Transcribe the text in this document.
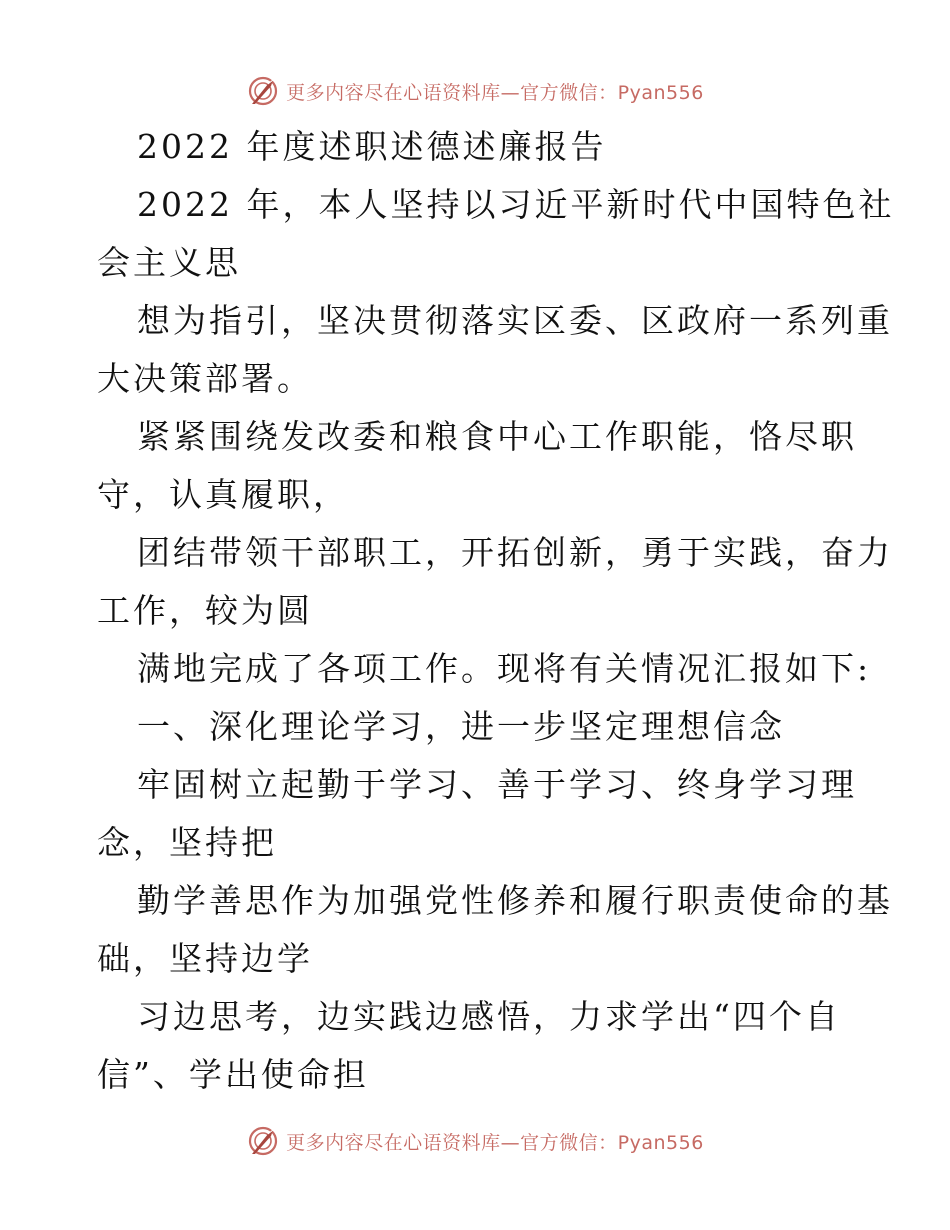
更多内容尽在心语资料库—官方微信：Pyan556
2022 年度述职述德述廉报告
2022 年，本人坚持以习近平新时代中国特色社
会主义思
想为指引，坚决贯彻落实区委、区政府一系列重
大决策部署。
紧紧围绕发改委和粮食中心工作职能，恪尽职
守，认真履职，
团结带领干部职工，开拓创新，勇于实践，奋力
工作，较为圆
满地完成了各项工作。现将有关情况汇报如下:
一、深化理论学习，进一步坚定理想信念
牢固树立起勤于学习、善于学习、终身学习理
念，坚持把
勤学善思作为加强党性修养和履行职责使命的基
础，坚持边学
习边思考，边实践边感悟，力求学出“四个自
信”、学出使命担
更多内容尽在心语资料库—官方微信：Pyan556
